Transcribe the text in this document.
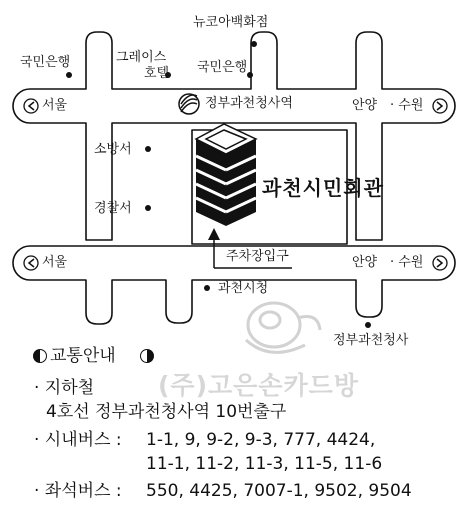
뉴코아백화점
국민은행	그레이스
호텔 국민은행
서울	정부과천청사역	안양 · 수원
소방서
경찰서
과천시민회관
주차장입구
서울	안양 · 수원
과천시청
정부과천청사
(주)고은손카드방
교통안내
· 지하철
4호선 정부과천청사역 10번출구
· 시내버스 : 1-1, 9, 9-2, 9-3, 777, 4424,
11-1, 11-2, 11-3, 11-5, 11-6
· 좌석버스 : 550, 4425, 7007-1, 9502, 9504
